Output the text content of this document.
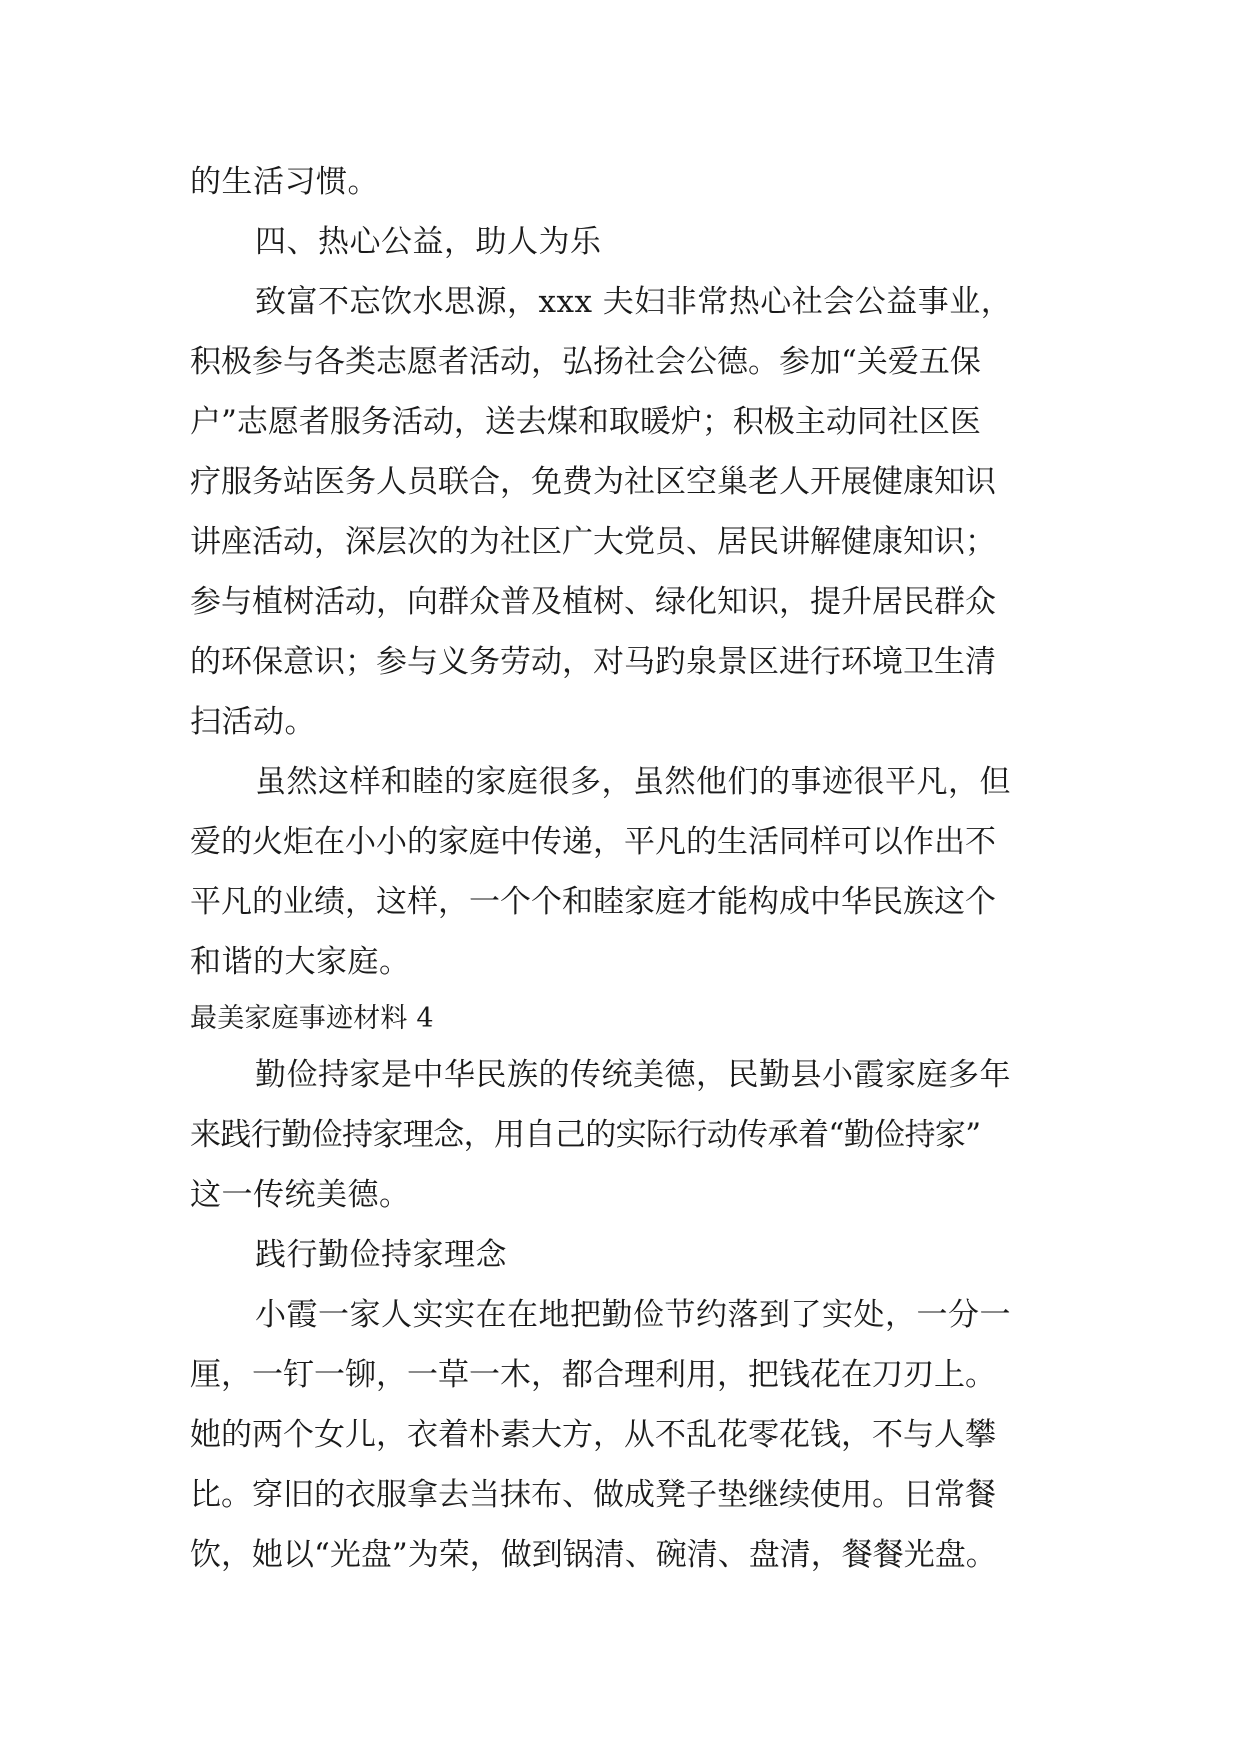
的生活习惯。
四、热心公益，助人为乐
致富不忘饮水思源，xxx 夫妇非常热心社会公益事业，
积极参与各类志愿者活动，弘扬社会公德。参加“关爱五保
户”志愿者服务活动，送去煤和取暖炉；积极主动同社区医
疗服务站医务人员联合，免费为社区空巢老人开展健康知识
讲座活动，深层次的为社区广大党员、居民讲解健康知识；
参与植树活动，向群众普及植树、绿化知识，提升居民群众
的环保意识；参与义务劳动，对马趵泉景区进行环境卫生清
扫活动。
虽然这样和睦的家庭很多，虽然他们的事迹很平凡，但
爱的火炬在小小的家庭中传递，平凡的生活同样可以作出不
平凡的业绩，这样，一个个和睦家庭才能构成中华民族这个
和谐的大家庭。
最美家庭事迹材料 4
勤俭持家是中华民族的传统美德，民勤县小霞家庭多年
来践行勤俭持家理念，用自己的实际行动传承着“勤俭持家”
这一传统美德。
践行勤俭持家理念
小霞一家人实实在在地把勤俭节约落到了实处，一分一
厘，一钉一铆，一草一木，都合理利用，把钱花在刀刃上。
她的两个女儿，衣着朴素大方，从不乱花零花钱，不与人攀
比。穿旧的衣服拿去当抹布、做成凳子垫继续使用。日常餐
饮，她以“光盘”为荣，做到锅清、碗清、盘清，餐餐光盘。
